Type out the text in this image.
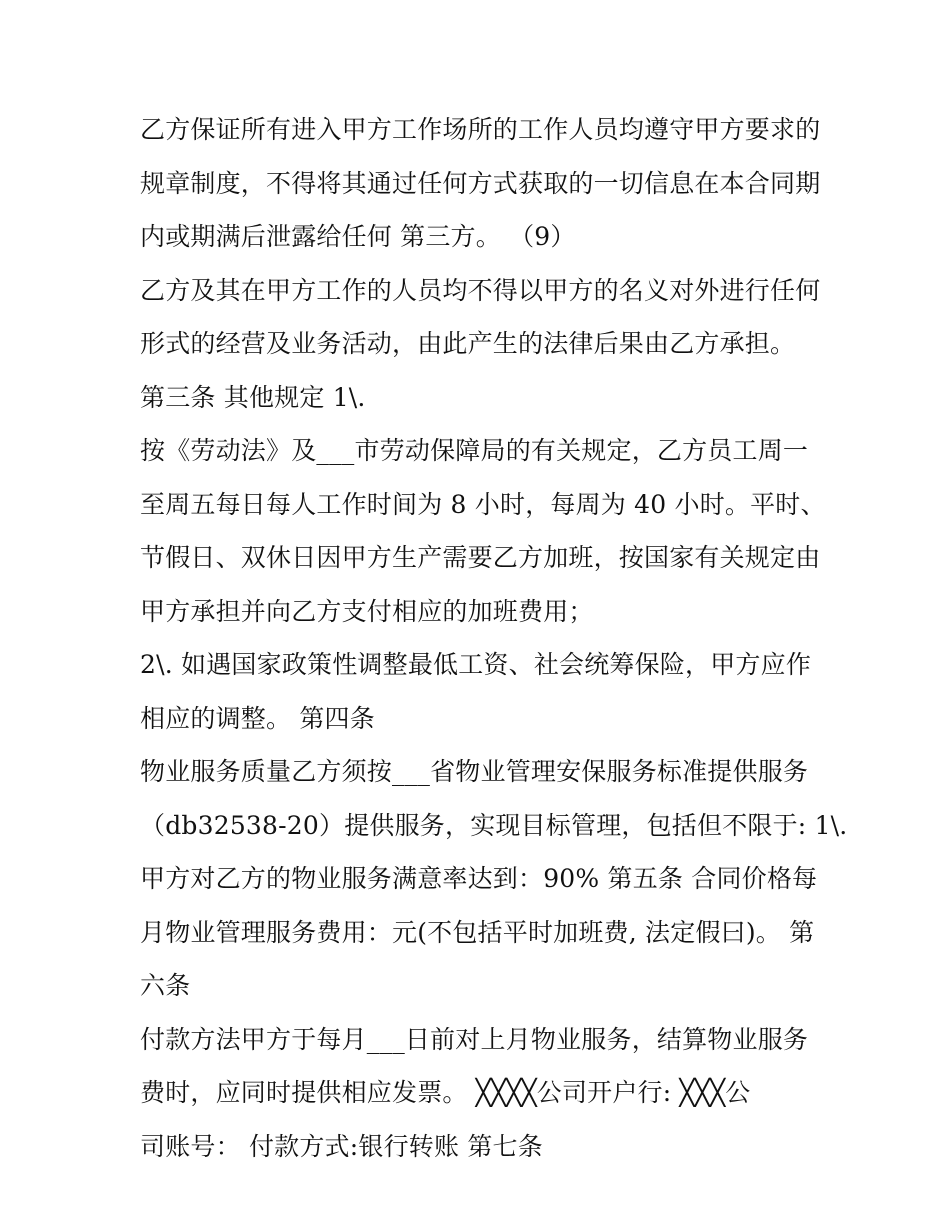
乙方保证所有进入甲方工作场所的工作人员均遵守甲方要求的
规章制度，不得将其通过任何方式获取的一切信息在本合同期
内或期满后泄露给任何 第三方。 （9）
乙方及其在甲方工作的人员均不得以甲方的名义对外进行任何
形式的经营及业务活动，由此产生的法律后果由乙方承担。
第三条 其他规定 1\.
按《劳动法》及___市劳动保障局的有关规定，乙方员工周一
至周五每日每人工作时间为 8 小时，每周为 40 小时。平时、
节假日、双休日因甲方生产需要乙方加班，按国家有关规定由
甲方承担并向乙方支付相应的加班费用；
2\. 如遇国家政策性调整最低工资、社会统筹保险，甲方应作
相应的调整。 第四条
物业服务质量乙方须按___省物业管理安保服务标准提供服务
（db32538-20）提供服务，实现目标管理，包括但不限于: 1\.
甲方对乙方的物业服务满意率达到：90% 第五条 合同价格每
月物业管理服务费用：元(不包括平时加班费, 法定假曰)。 第
六条
付款方法甲方于每月___日前对上月物业服务，结算物业服务
费时，应同时提供相应发票。 ╳╳╳╳公司开户行: ╳╳╳公
司账号： 付款方式:银行转账 第七条
